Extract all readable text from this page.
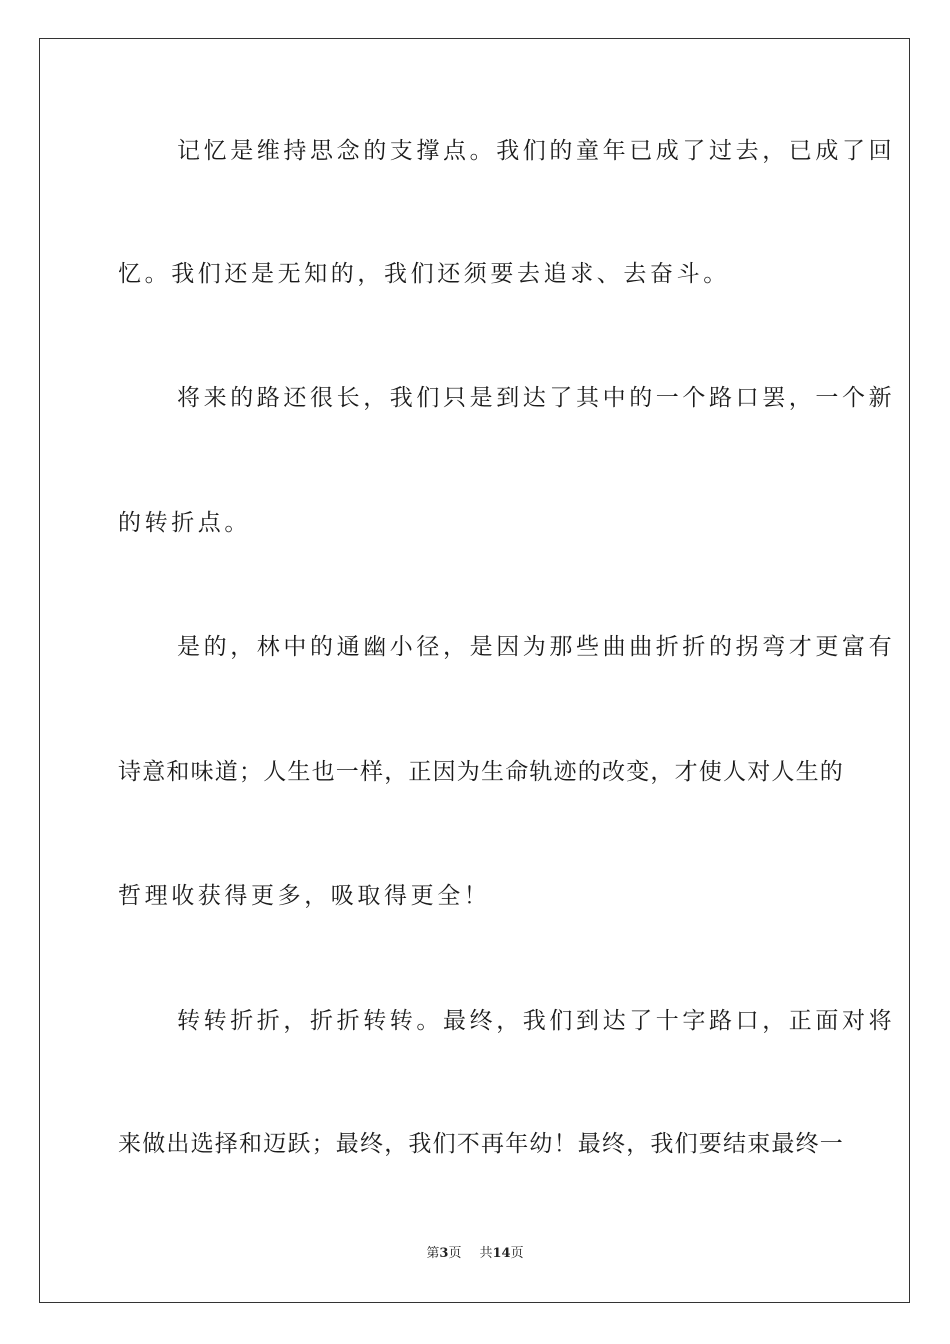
记忆是维持思念的支撑点。我们的童年已成了过去，已成了回
忆。我们还是无知的，我们还须要去追求、去奋斗。
将来的路还很长，我们只是到达了其中的一个路口罢，一个新
的转折点。
是的，林中的通幽小径，是因为那些曲曲折折的拐弯才更富有
诗意和味道；人生也一样，正因为生命轨迹的改变，才使人对人生的
哲理收获得更多，吸取得更全！
转转折折，折折转转。最终，我们到达了十字路口，正面对将
来做出选择和迈跃；最终，我们不再年幼！最终，我们要结束最终一
第3页 共14页
